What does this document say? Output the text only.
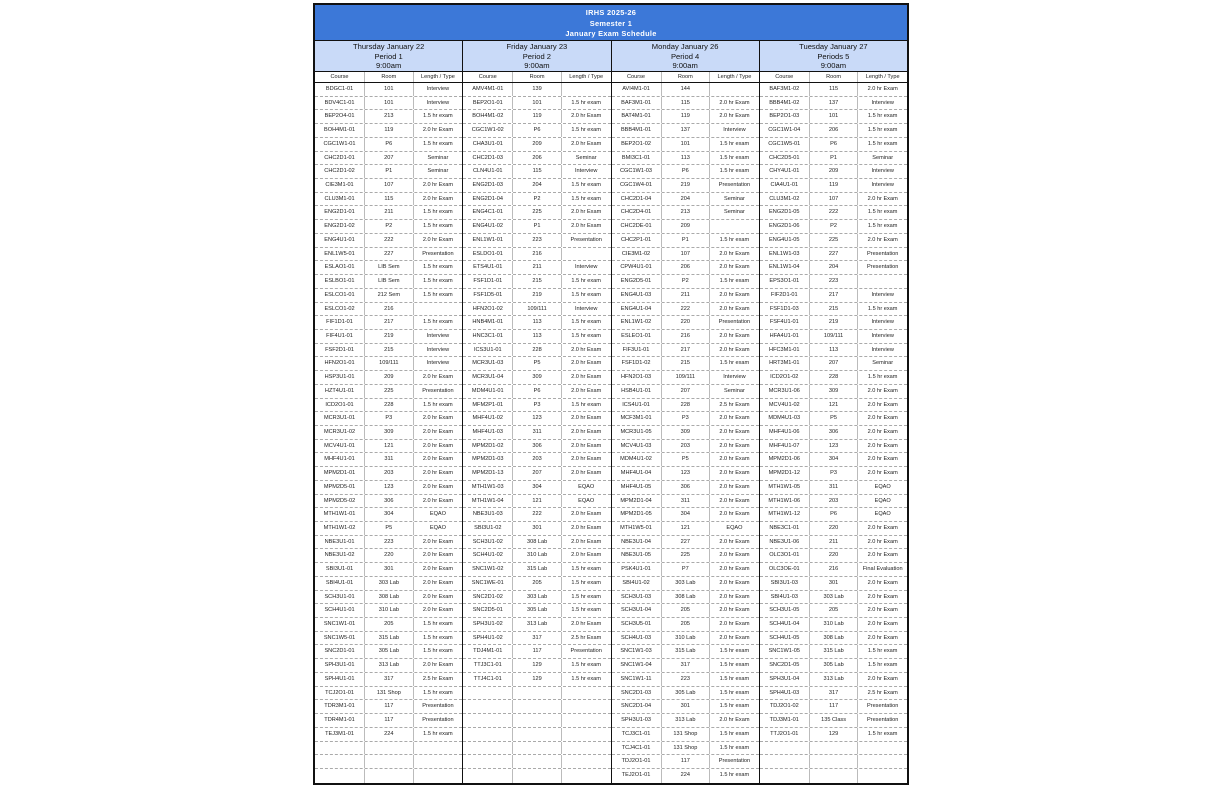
IRHS 2025-26
Semester 1
January Exam Schedule
Thursday January 22
Period 1
9:00am
Course	Room	Length / Type
BDGC1-01	101	Interview
BDV4C1-01	101	Interview
BEP2O4-01	213	1.5 hr exam
BOH4M1-01	119	2.0 hr Exam
CGC1W1-01	P6	1.5 hr exam
CHC2D1-01	207	Seminar
CHC2D1-02	P1	Seminar
CIE3M1-01	107	2.0 hr Exam
CLU3M1-01	115	2.0 hr Exam
ENG2D1-01	211	1.5 hr exam
ENG2D1-02	P2	1.5 hr exam
ENG4U1-01	222	2.0 hr Exam
ENL1W5-01	227	Presentation
ESLAO1-01	LIB Sem	1.5 hr exam
ESLBO1-01	LIB Sem	1.5 hr exam
ESLCO1-01	212 Sem	1.5 hr exam
ESLCO1-02	216
FIF1D1-01	217	1.5 hr exam
FIF4U1-01	219	Interview
FSF2D1-01	215	Interview
HFN2O1-01	109/111	Interview
HSP3U1-01	209	2.0 hr Exam
HZT4U1-01	225	Presentation
ICD2O1-01	228	1.5 hr exam
MCR3U1-01	P3	2.0 hr Exam
MCR3U1-02	309	2.0 hr Exam
MCV4U1-01	121	2.0 hr Exam
MHF4U1-01	311	2.0 hr Exam
MPM2D1-01	203	2.0 hr Exam
MPM2D5-01	123	2.0 hr Exam
MPM2D5-02	306	2.0 hr Exam
MTH1W1-01	304	EQAO
MTH1W1-02	P5	EQAO
NBE3U1-01	223	2.0 hr Exam
NBE3U1-02	220	2.0 hr Exam
SBI3U1-01	301	2.0 hr Exam
SBI4U1-01	303 Lab	2.0 hr Exam
SCH3U1-01	308 Lab	2.0 hr Exam
SCH4U1-01	310 Lab	2.0 hr Exam
SNC1W1-01	205	1.5 hr exam
SNC1W5-01	315 Lab	1.5 hr exam
SNC2D1-01	305 Lab	1.5 hr exam
SPH3U1-01	313 Lab	2.0 hr Exam
SPH4U1-01	317	2.5 hr Exam
TCJ2O1-01	131 Shop	1.5 hr exam
TDR3M1-01	117	Presentation
TDR4M1-01	117	Presentation
TEJ3M1-01	224	1.5 hr exam
Friday January 23
Period 2
9:00am
Course	Room	Length / Type
AMV4M1-01	139
BEP2O1-01	101	1.5 hr exam
BOH4M1-02	119	2.0 hr Exam
CGC1W1-02	P6	1.5 hr exam
CHA3U1-01	209	2.0 hr Exam
CHC2D1-03	206	Seminar
CLN4U1-01	115	Interview
ENG2D1-03	204	1.5 hr exam
ENG2D1-04	P2	1.5 hr exam
ENG4C1-01	225	2.0 hr Exam
ENG4U1-02	P1	2.0 hr Exam
ENL1W1-01	223	Presentation
ESLDO1-01	216
ETS4U1-01	211	Interview
FSF1D1-01	215	1.5 hr exam
FSF1D5-01	219	1.5 hr exam
HFN2O1-02	109/111	Interview
HNB4M1-01	113	1.5 hr exam
HNC3C1-01	113	1.5 hr exam
ICS3U1-01	228	2.0 hr Exam
MCR3U1-03	P5	2.0 hr Exam
MCR3U1-04	309	2.0 hr Exam
MDM4U1-01	P6	2.0 hr Exam
MFM2P1-01	P3	1.5 hr exam
MHF4U1-02	123	2.0 hr Exam
MHF4U1-03	311	2.0 hr Exam
MPM2D1-02	306	2.0 hr Exam
MPM2D1-03	203	2.0 hr Exam
MPM2D1-13	207	2.0 hr Exam
MTH1W1-03	304	EQAO
MTH1W1-04	121	EQAO
NBE3U1-03	222	2.0 hr Exam
SBI3U1-02	301	2.0 hr Exam
SCH3U1-02	308 Lab	2.0 hr Exam
SCH4U1-02	310 Lab	2.0 hr Exam
SNC1W1-02	315 Lab	1.5 hr exam
SNC1WE-01	205	1.5 hr exam
SNC2D1-02	303 Lab	1.5 hr exam
SNC2D5-01	305 Lab	1.5 hr exam
SPH3U1-02	313 Lab	2.0 hr Exam
SPH4U1-02	317	2.5 hr Exam
TDJ4M1-01	117	Presentation
TTJ3C1-01	129	1.5 hr exam
TTJ4C1-01	129	1.5 hr exam
Monday January 26
Period 4
9:00am
Course	Room	Length / Type
AVI4M1-01	144
BAF3M1-01	115	2.0 hr Exam
BAT4M1-01	119	2.0 hr Exam
BBB4M1-01	137	Interview
BEP2O1-02	101	1.5 hr exam
BMI3C1-01	113	1.5 hr exam
CGC1W1-03	P6	1.5 hr exam
CGC1W4-01	219	Presentation
CHC2D1-04	204	Seminar
CHC2D4-01	213	Seminar
CHC2DE-01	209
CHC2P1-01	P1	1.5 hr exam
CIE3M1-02	107	2.0 hr Exam
CPW4U1-01	206	2.0 hr Exam
ENG2D5-01	P2	1.5 hr exam
ENG4U1-03	211	2.0 hr Exam
ENG4U1-04	222	2.0 hr Exam
ENL1W1-02	220	Presentation
ESLEO1-01	216	2.0 hr Exam
FIF3U1-01	217	2.0 hr Exam
FSF1D1-02	215	1.5 hr exam
HFN2O1-03	109/111	Interview
HSB4U1-01	207	Seminar
ICS4U1-01	228	2.5 hr Exam
MCF3M1-01	P3	2.0 hr Exam
MCR3U1-05	309	2.0 hr Exam
MCV4U1-03	203	2.0 hr Exam
MDM4U1-02	P5	2.0 hr Exam
MHF4U1-04	123	2.0 hr Exam
MHF4U1-05	306	2.0 hr Exam
MPM2D1-04	311	2.0 hr Exam
MPM2D1-05	304	2.0 hr Exam
MTH1W5-01	121	EQAO
NBE3U1-04	227	2.0 hr Exam
NBE3U1-05	225	2.0 hr Exam
PSK4U1-01	P7	2.0 hr Exam
SBI4U1-02	303 Lab	2.0 hr Exam
SCH3U1-03	308 Lab	2.0 hr Exam
SCH3U1-04	205	2.0 hr Exam
SCH3U5-01	205	2.0 hr Exam
SCH4U1-03	310 Lab	2.0 hr Exam
SNC1W1-03	315 Lab	1.5 hr exam
SNC1W1-04	317	1.5 hr exam
SNC1W1-11	223	1.5 hr exam
SNC2D1-03	305 Lab	1.5 hr exam
SNC2D1-04	301	1.5 hr exam
SPH3U1-03	313 Lab	2.0 hr Exam
TCJ3C1-01	131 Shop	1.5 hr exam
TCJ4C1-01	131 Shop	1.5 hr exam
TDJ2O1-01	117	Presentation
TEJ2O1-01	224	1.5 hr exam
Tuesday January 27
Periods 5
9:00am
Course	Room	Length / Type
BAF3M1-02	115	2.0 hr Exam
BBB4M1-02	137	Interview
BEP2O1-03	101	1.5 hr exam
CGC1W1-04	206	1.5 hr exam
CGC1W5-01	P6	1.5 hr exam
CHC2D5-01	P1	Seminar
CHY4U1-01	209	Interview
CIA4U1-01	119	Interview
CLU3M1-02	107	2.0 hr Exam
ENG2D1-05	222	1.5 hr exam
ENG2D1-06	P2	1.5 hr exam
ENG4U1-05	225	2.0 hr Exam
ENL1W1-03	227	Presentation
ENL1W1-04	204	Presentation
EPS3O1-01	223
FIF2D1-01	217	Interview
FSF1D1-03	215	1.5 hr exam
FSF4U1-01	219	Interview
HFA4U1-01	109/111	Interview
HFC3M1-01	113	Interview
HRT3M1-01	207	Seminar
ICD2O1-02	228	1.5 hr exam
MCR3U1-06	309	2.0 hr Exam
MCV4U1-02	121	2.0 hr Exam
MDM4U1-03	P5	2.0 hr Exam
MHF4U1-06	306	2.0 hr Exam
MHF4U1-07	123	2.0 hr Exam
MPM2D1-06	304	2.0 hr Exam
MPM2D1-12	P3	2.0 hr Exam
MTH1W1-05	311	EQAO
MTH1W1-06	203	EQAO
MTH1W1-12	P6	EQAO
NBE3C1-01	220	2.0 hr Exam
NBE3U1-06	211	2.0 hr Exam
OLC3O1-01	220	2.0 hr Exam
OLC3OE-01	216	Final Evaluation
SBI3U1-03	301	2.0 hr Exam
SBI4U1-03	303 Lab	2.0 hr Exam
SCH3U1-05	205	2.0 hr Exam
SCH4U1-04	310 Lab	2.0 hr Exam
SCH4U1-05	308 Lab	2.0 hr Exam
SNC1W1-05	315 Lab	1.5 hr exam
SNC2D1-05	305 Lab	1.5 hr exam
SPH3U1-04	313 Lab	2.0 hr Exam
SPH4U1-03	317	2.5 hr Exam
TDJ2O1-02	117	Presentation
TDJ3M1-01	135 Class	Presentation
TTJ2O1-01	129	1.5 hr exam
